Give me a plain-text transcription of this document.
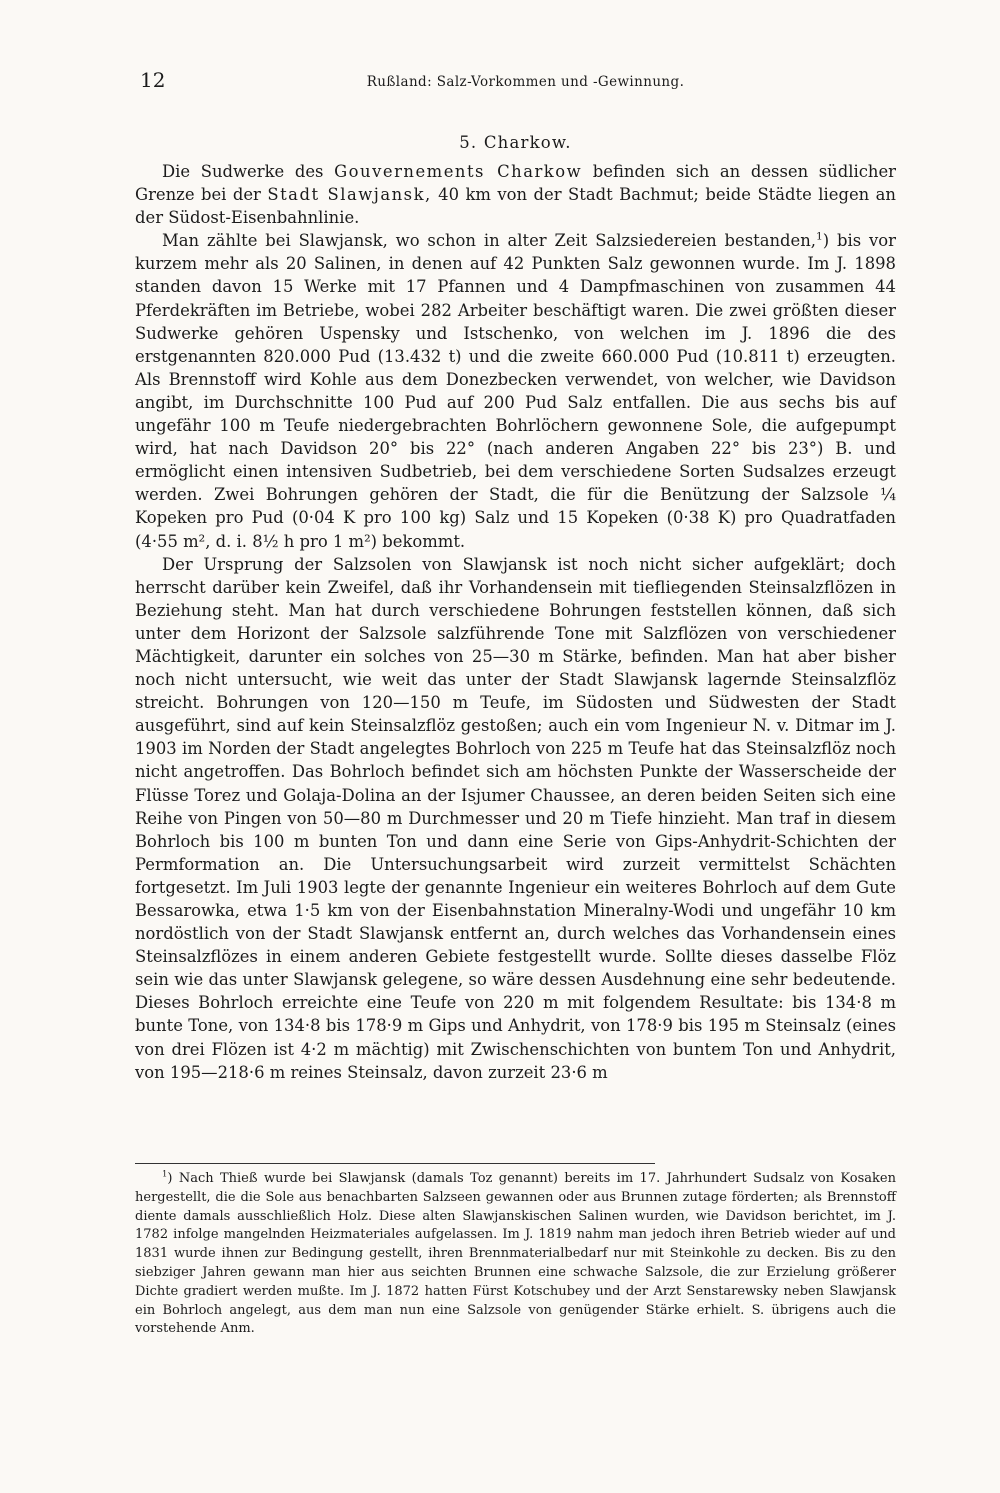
12	Rußland: Salz-Vorkommen und -Gewinnung.
5. Charkow.

Die Sudwerke des Gouvernements Charkow befinden sich an dessen südlicher Grenze bei der Stadt Slawjansk, 40 km von der Stadt Bachmut; beide Städte liegen an der Südost-Eisenbahnlinie.

Man zählte bei Slawjansk, wo schon in alter Zeit Salzsiedereien bestanden,$^1$) bis vor kurzem mehr als 20 Salinen, in denen auf 42 Punkten Salz gewonnen wurde. Im J. 1898 standen davon 15 Werke mit 17 Pfannen und 4 Dampfmaschinen von zusammen 44 Pferdekräften im Betriebe, wobei 282 Arbeiter beschäftigt waren. Die zwei größten dieser Sudwerke gehören Uspensky und Istschenko, von welchen im J. 1896 die des erstgenannten 820.000 Pud (13.432 t) und die zweite 660.000 Pud (10.811 t) erzeugten. Als Brennstoff wird Kohle aus dem Donezbecken verwendet, von welcher, wie Davidson angibt, im Durchschnitte 100 Pud auf 200 Pud Salz entfallen. Die aus sechs bis auf ungefähr 100 m Teufe niedergebrachten Bohrlöchern gewonnene Sole, die aufgepumpt wird, hat nach Davidson 20° bis 22° (nach anderen Angaben 22° bis 23°) B. und ermöglicht einen intensiven Sudbetrieb, bei dem verschiedene Sorten Sudsalzes erzeugt werden. Zwei Bohrungen gehören der Stadt, die für die Benützung der Salzsole ¼ Kopeken pro Pud (0·04 K pro 100 kg) Salz und 15 Kopeken (0·38 K) pro Quadratfaden (4·55 m², d. i. 8½ h pro 1 m²) bekommt.

Der Ursprung der Salzsolen von Slawjansk ist noch nicht sicher aufgeklärt; doch herrscht darüber kein Zweifel, daß ihr Vorhandensein mit tiefliegenden Steinsalzflözen in Beziehung steht. Man hat durch verschiedene Bohrungen feststellen können, daß sich unter dem Horizont der Salzsole salzführende Tone mit Salzflözen von verschiedener Mächtigkeit, darunter ein solches von 25—30 m Stärke, befinden. Man hat aber bisher noch nicht untersucht, wie weit das unter der Stadt Slawjansk lagernde Steinsalzflöz streicht. Bohrungen von 120—150 m Teufe, im Südosten und Südwesten der Stadt ausgeführt, sind auf kein Steinsalzflöz gestoßen; auch ein vom Ingenieur N. v. Ditmar im J. 1903 im Norden der Stadt angelegtes Bohrloch von 225 m Teufe hat das Steinsalzflöz noch nicht angetroffen. Das Bohrloch befindet sich am höchsten Punkte der Wasserscheide der Flüsse Torez und Golaja-Dolina an der Isjumer Chaussee, an deren beiden Seiten sich eine Reihe von Pingen von 50—80 m Durchmesser und 20 m Tiefe hinzieht. Man traf in diesem Bohrloch bis 100 m bunten Ton und dann eine Serie von Gips-Anhydrit-Schichten der Permformation an. Die Untersuchungsarbeit wird zurzeit vermittelst Schächten fortgesetzt. Im Juli 1903 legte der genannte Ingenieur ein weiteres Bohrloch auf dem Gute Bessarowka, etwa 1·5 km von der Eisenbahnstation Mineralny-Wodi und ungefähr 10 km nordöstlich von der Stadt Slawjansk entfernt an, durch welches das Vorhandensein eines Steinsalzflözes in einem anderen Gebiete festgestellt wurde. Sollte dieses dasselbe Flöz sein wie das unter Slawjansk gelegene, so wäre dessen Ausdehnung eine sehr bedeutende. Dieses Bohrloch erreichte eine Teufe von 220 m mit folgendem Resultate: bis 134·8 m bunte Tone, von 134·8 bis 178·9 m Gips und Anhydrit, von 178·9 bis 195 m Steinsalz (eines von drei Flözen ist 4·2 m mächtig) mit Zwischenschichten von buntem Ton und Anhydrit, von 195—218·6 m reines Steinsalz, davon zurzeit 23·6 m

$^1$) Nach Thieß wurde bei Slawjansk (damals Toz genannt) bereits im 17. Jahrhundert Sudsalz von Kosaken hergestellt, die die Sole aus benachbarten Salzseen gewannen oder aus Brunnen zutage förderten; als Brennstoff diente damals ausschließlich Holz. Diese alten Slawjanskischen Salinen wurden, wie Davidson berichtet, im J. 1782 infolge mangelnden Heizmateriales aufgelassen. Im J. 1819 nahm man jedoch ihren Betrieb wieder auf und 1831 wurde ihnen zur Bedingung gestellt, ihren Brennmaterialbedarf nur mit Steinkohle zu decken. Bis zu den siebziger Jahren gewann man hier aus seichten Brunnen eine schwache Salzsole, die zur Erzielung größerer Dichte gradiert werden mußte. Im J. 1872 hatten Fürst Kotschubey und der Arzt Senstarewsky neben Slawjansk ein Bohrloch angelegt, aus dem man nun eine Salzsole von genügender Stärke erhielt. S. übrigens auch die vorstehende Anm.
